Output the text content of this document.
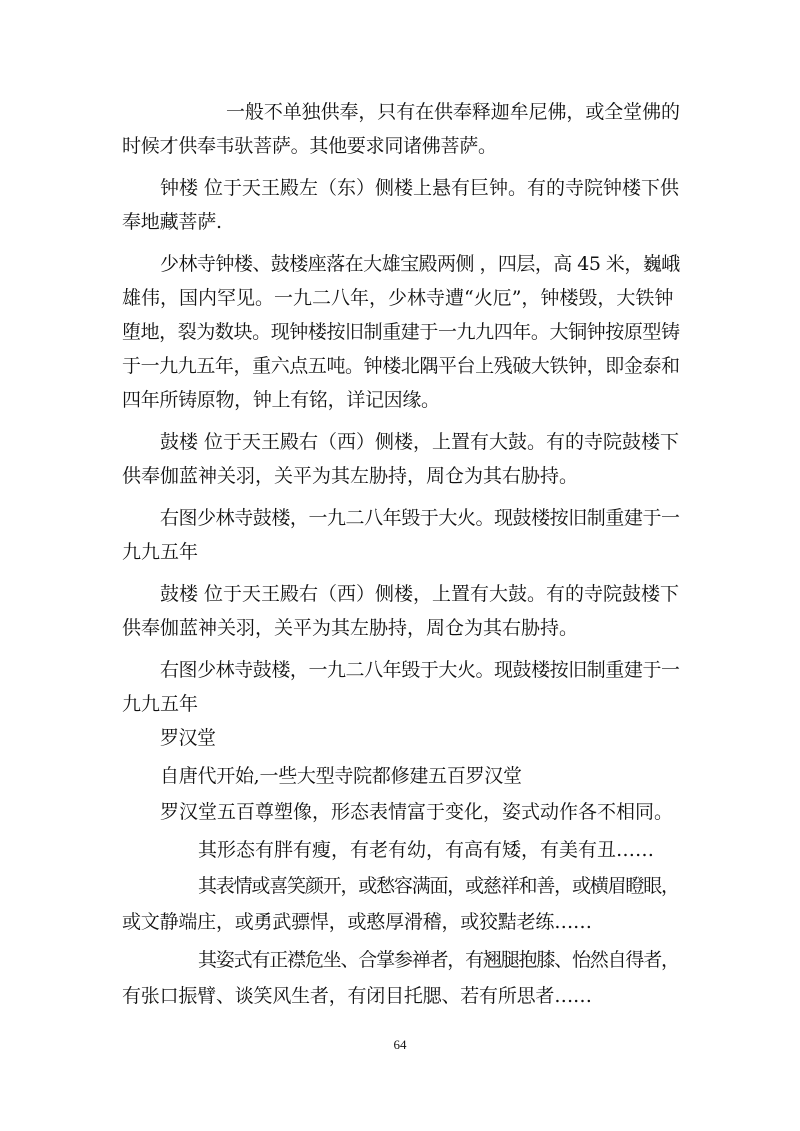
一般不单独供奉，只有在供奉释迦牟尼佛，或全堂佛的
时候才供奉韦驮菩萨。其他要求同诸佛菩萨。
钟楼 位于天王殿左（东）侧楼上悬有巨钟。有的寺院钟楼下供
奉地藏菩萨.
少林寺钟楼、鼓楼座落在大雄宝殿两侧 ，四层，高 45 米，巍峨
雄伟，国内罕见。一九二八年，少林寺遭“火厄”，钟楼毁，大铁钟
堕地，裂为数块。现钟楼按旧制重建于一九九四年。大铜钟按原型铸
于一九九五年，重六点五吨。钟楼北隅平台上残破大铁钟，即金泰和
四年所铸原物，钟上有铭，详记因缘。
鼓楼 位于天王殿右（西）侧楼，上置有大鼓。有的寺院鼓楼下
供奉伽蓝神关羽，关平为其左胁持，周仓为其右胁持。
右图少林寺鼓楼，一九二八年毁于大火。现鼓楼按旧制重建于一
九九五年
鼓楼 位于天王殿右（西）侧楼，上置有大鼓。有的寺院鼓楼下
供奉伽蓝神关羽，关平为其左胁持，周仓为其右胁持。
右图少林寺鼓楼，一九二八年毁于大火。现鼓楼按旧制重建于一
九九五年
罗汉堂
自唐代开始,一些大型寺院都修建五百罗汉堂
罗汉堂五百尊塑像，形态表情富于变化，姿式动作各不相同。
其形态有胖有瘦，有老有幼，有高有矮，有美有丑……
其表情或喜笑颜开，或愁容满面，或慈祥和善，或横眉瞪眼，
或文静端庄，或勇武骠悍，或憨厚滑稽，或狡黠老练……
其姿式有正襟危坐、合掌参禅者，有翘腿抱膝、怡然自得者，
有张口振臂、谈笑风生者，有闭目托腮、若有所思者……
64
